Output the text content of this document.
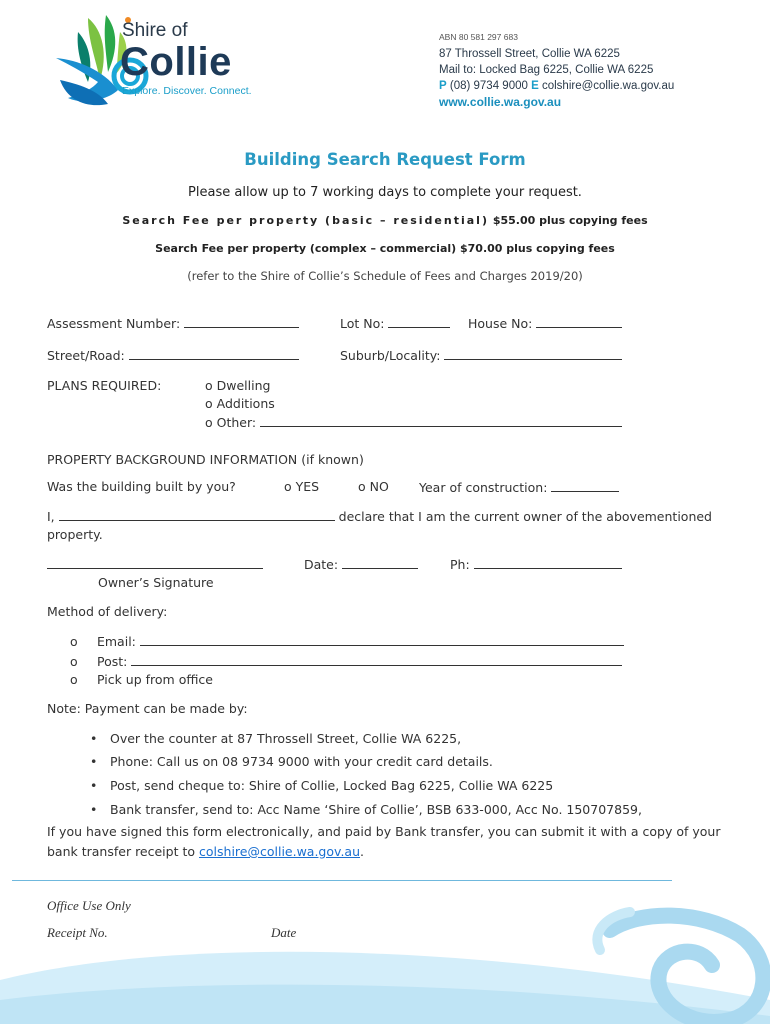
Shire of
Collie
Explore. Discover. Connect.
ABN 80 581 297 683
87 Throssell Street, Collie WA 6225
Mail to: Locked Bag 6225, Collie WA 6225
P (08) 9734 9000 E colshire@collie.wa.gov.au
www.collie.wa.gov.au
Building Search Request Form
Please allow up to 7 working days to complete your request.
Search Fee per property (basic – residential) $55.00 plus copying fees
Search Fee per property (complex – commercial) $70.00 plus copying fees
(refer to the Shire of Collie’s Schedule of Fees and Charges 2019/20)
Assessment Number:	Lot No:	House No:
Street/Road:	Suburb/Locality:
PLANS REQUIRED:	o Dwelling
o Additions
o Other:
PROPERTY BACKGROUND INFORMATION (if known)
Was the building built by you?	o YES	o NO Year of construction:
I,	declare that I am the current owner of the abovementioned
property.
Owner’s Signature
Date:	Ph:
Method of delivery:
o Email:
o Post:
o Pick up from office
Note: Payment can be made by:
• Over the counter at 87 Throssell Street, Collie WA 6225,
• Phone: Call us on 08 9734 9000 with your credit card details.
• Post, send cheque to: Shire of Collie, Locked Bag 6225, Collie WA 6225
• Bank transfer, send to: Acc Name ‘Shire of Collie’, BSB 633-000, Acc No. 150707859,
If you have signed this form electronically, and paid by Bank transfer, you can submit it with a copy of your
bank transfer receipt to colshire@collie.wa.gov.au.
Office Use Only
Receipt No.	Date
